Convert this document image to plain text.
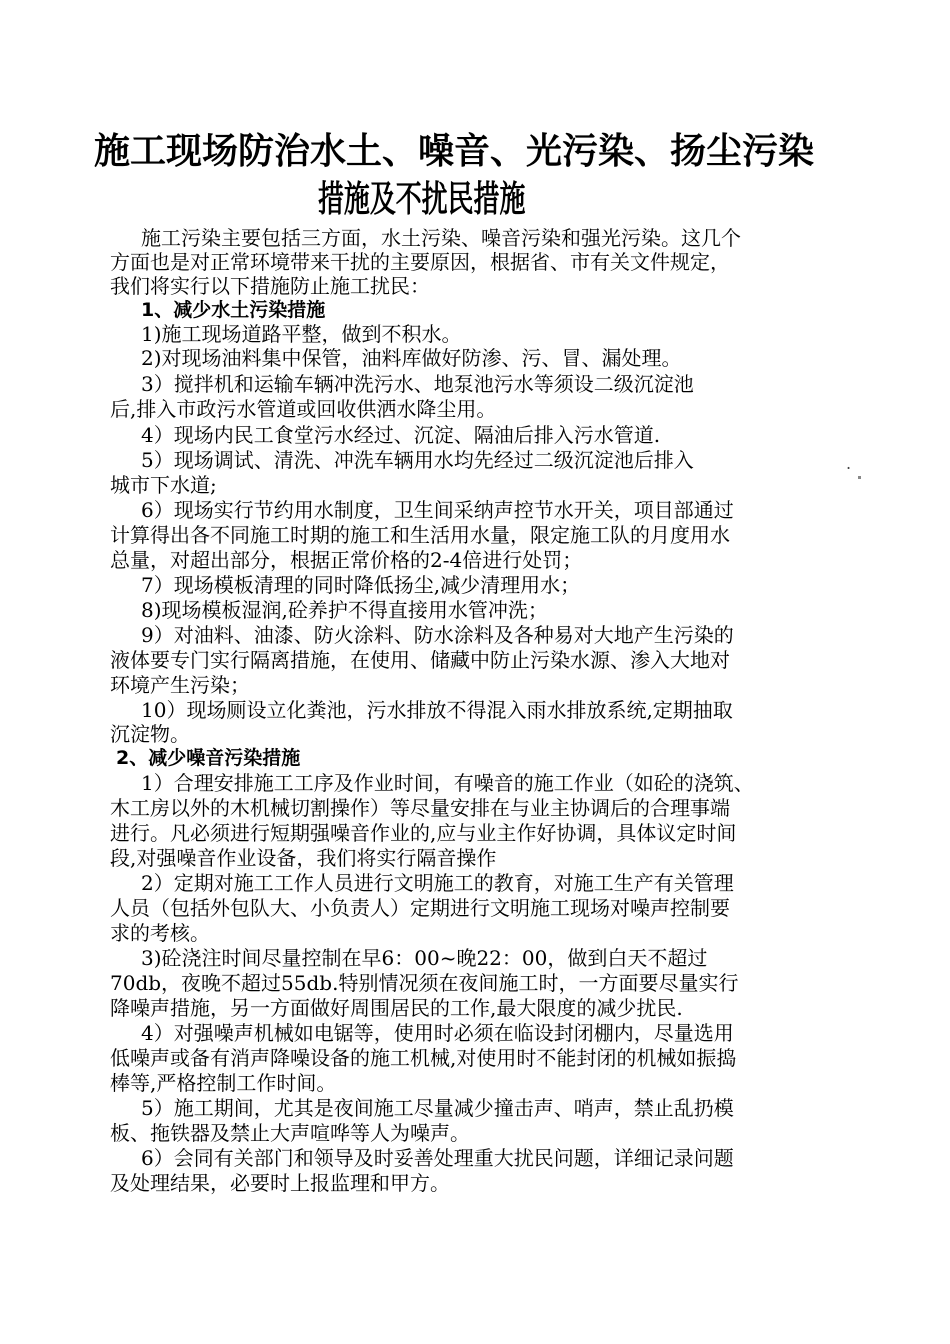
施工现场防治水土、噪音、光污染、扬尘污染
措施及不扰民措施
施工污染主要包括三方面，水土污染、噪音污染和强光污染。这几个
方面也是对正常环境带来干扰的主要原因，根据省、市有关文件规定，
我们将实行以下措施防止施工扰民：
1、减少水土污染措施
1)施工现场道路平整，做到不积水。
2)对现场油料集中保管，油料库做好防渗、污、冒、漏处理。
3）搅拌机和运输车辆冲洗污水、地泵池污水等须设二级沉淀池
后,排入市政污水管道或回收供洒水降尘用。
4）现场内民工食堂污水经过、沉淀、隔油后排入污水管道.
5）现场调试、清洗、冲洗车辆用水均先经过二级沉淀池后排入	.
城市下水道;
6）现场实行节约用水制度，卫生间采纳声控节水开关，项目部通过
计算得出各不同施工时期的施工和生活用水量，限定施工队的月度用水
总量，对超出部分，根据正常价格的2-4倍进行处罚；
7）现场模板清理的同时降低扬尘,减少清理用水；
8)现场模板湿润,砼养护不得直接用水管冲洗；
9）对油料、油漆、防火涂料、防水涂料及各种易对大地产生污染的
液体要专门实行隔离措施，在使用、储藏中防止污染水源、渗入大地对
环境产生污染；
10）现场厕设立化粪池，污水排放不得混入雨水排放系统,定期抽取
沉淀物。
2、减少噪音污染措施
1）合理安排施工工序及作业时间，有噪音的施工作业（如砼的浇筑、
木工房以外的木机械切割操作）等尽量安排在与业主协调后的合理事端
进行。凡必须进行短期强噪音作业的,应与业主作好协调，具体议定时间
段,对强噪音作业设备，我们将实行隔音操作
2）定期对施工工作人员进行文明施工的教育，对施工生产有关管理
人员（包括外包队大、小负责人）定期进行文明施工现场对噪声控制要
求的考核。
3)砼浇注时间尽量控制在早6：00~晚22：00，做到白天不超过
70db，夜晚不超过55db.特别情况须在夜间施工时，一方面要尽量实行
降噪声措施，另一方面做好周围居民的工作,最大限度的减少扰民.
4）对强噪声机械如电锯等，使用时必须在临设封闭棚内，尽量选用
低噪声或备有消声降噪设备的施工机械,对使用时不能封闭的机械如振捣
棒等,严格控制工作时间。
5）施工期间，尤其是夜间施工尽量减少撞击声、哨声，禁止乱扔模
板、拖铁器及禁止大声喧哗等人为噪声。
6）会同有关部门和领导及时妥善处理重大扰民问题，详细记录问题
及处理结果，必要时上报监理和甲方。
